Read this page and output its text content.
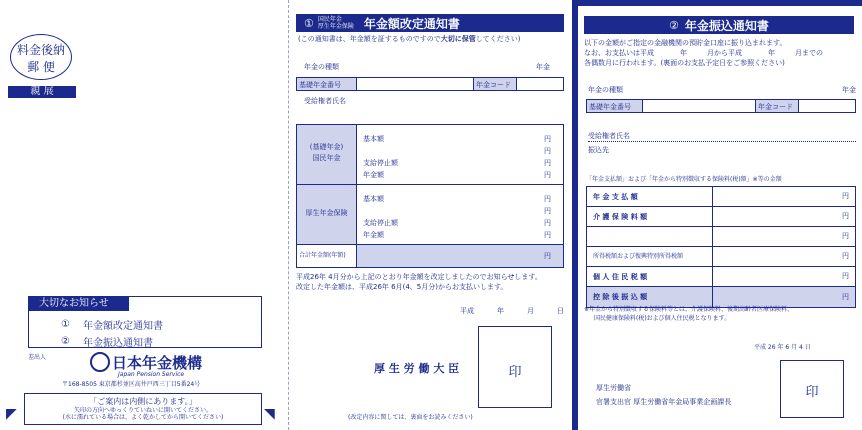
料金後納
郵 便
親 展
大切なお知らせ
①	年金額改定通知書
②	年金振込通知書
差出人	日本年金機構
Japan Pension Service
〒168-8505 東京都杉並区高井戸西三丁目5番24号
「ご案内は内側にあります。」
矢印の方向へゆっくりていねいに開いてください。
(水に濡れている場合は、よく乾かしてから開いてください)
◤	◥
① 国民年金
厚生年金保険 年金額改定通知書
(この通知書は、年金額を証するものですので大切に保管してください)
年金の種類	年金
基礎年金番号	年金コード
受給権者氏名
(基礎年金)
国民年金
基本額	円
円
支給停止額	円
年金額	円
厚生年金保険
基本額	円
円
支給停止額	円
年金額	円
合計年金額(年額)	円
平成26年 4月分から上記のとおり年金額を改定しましたのでお知らせします。
改定した年金額は、平成26年 6月(4、5月分)からお支払いします。
平成	年	月	日
厚 生 労 働 大 臣	印
(改定内容に関しては、裏面をお読みください)
② 年金振込通知書
以下の金額がご指定の金融機関の預貯金口座に振り込まれます。
なお、お支払いは平成	年	月から平成	年	月までの
各偶数月に行われます。(裏面のお支払予定日をご参照ください)
年金の種類	年金
基礎年金番号	年金コード
受給権者氏名
振込先
「年金支払額」および「年金から特別徴収する保険料(税)額」※等の金額
年 金 支 払 額	円
介 護 保 険 料 額	円
円
所得税額および復興特別所得税額	円
個 人 住 民 税 額	円
控 除 後 振 込 額	円
※年金から特別徴収する保険料等とは、介護保険料、後期高齢者医療保険料、
国民健康保険料(税)および個人住民税となります。
平成 26 年 6 月 4 日
厚生労働省
官署支出官 厚生労働省年金局事業企画課長
印
